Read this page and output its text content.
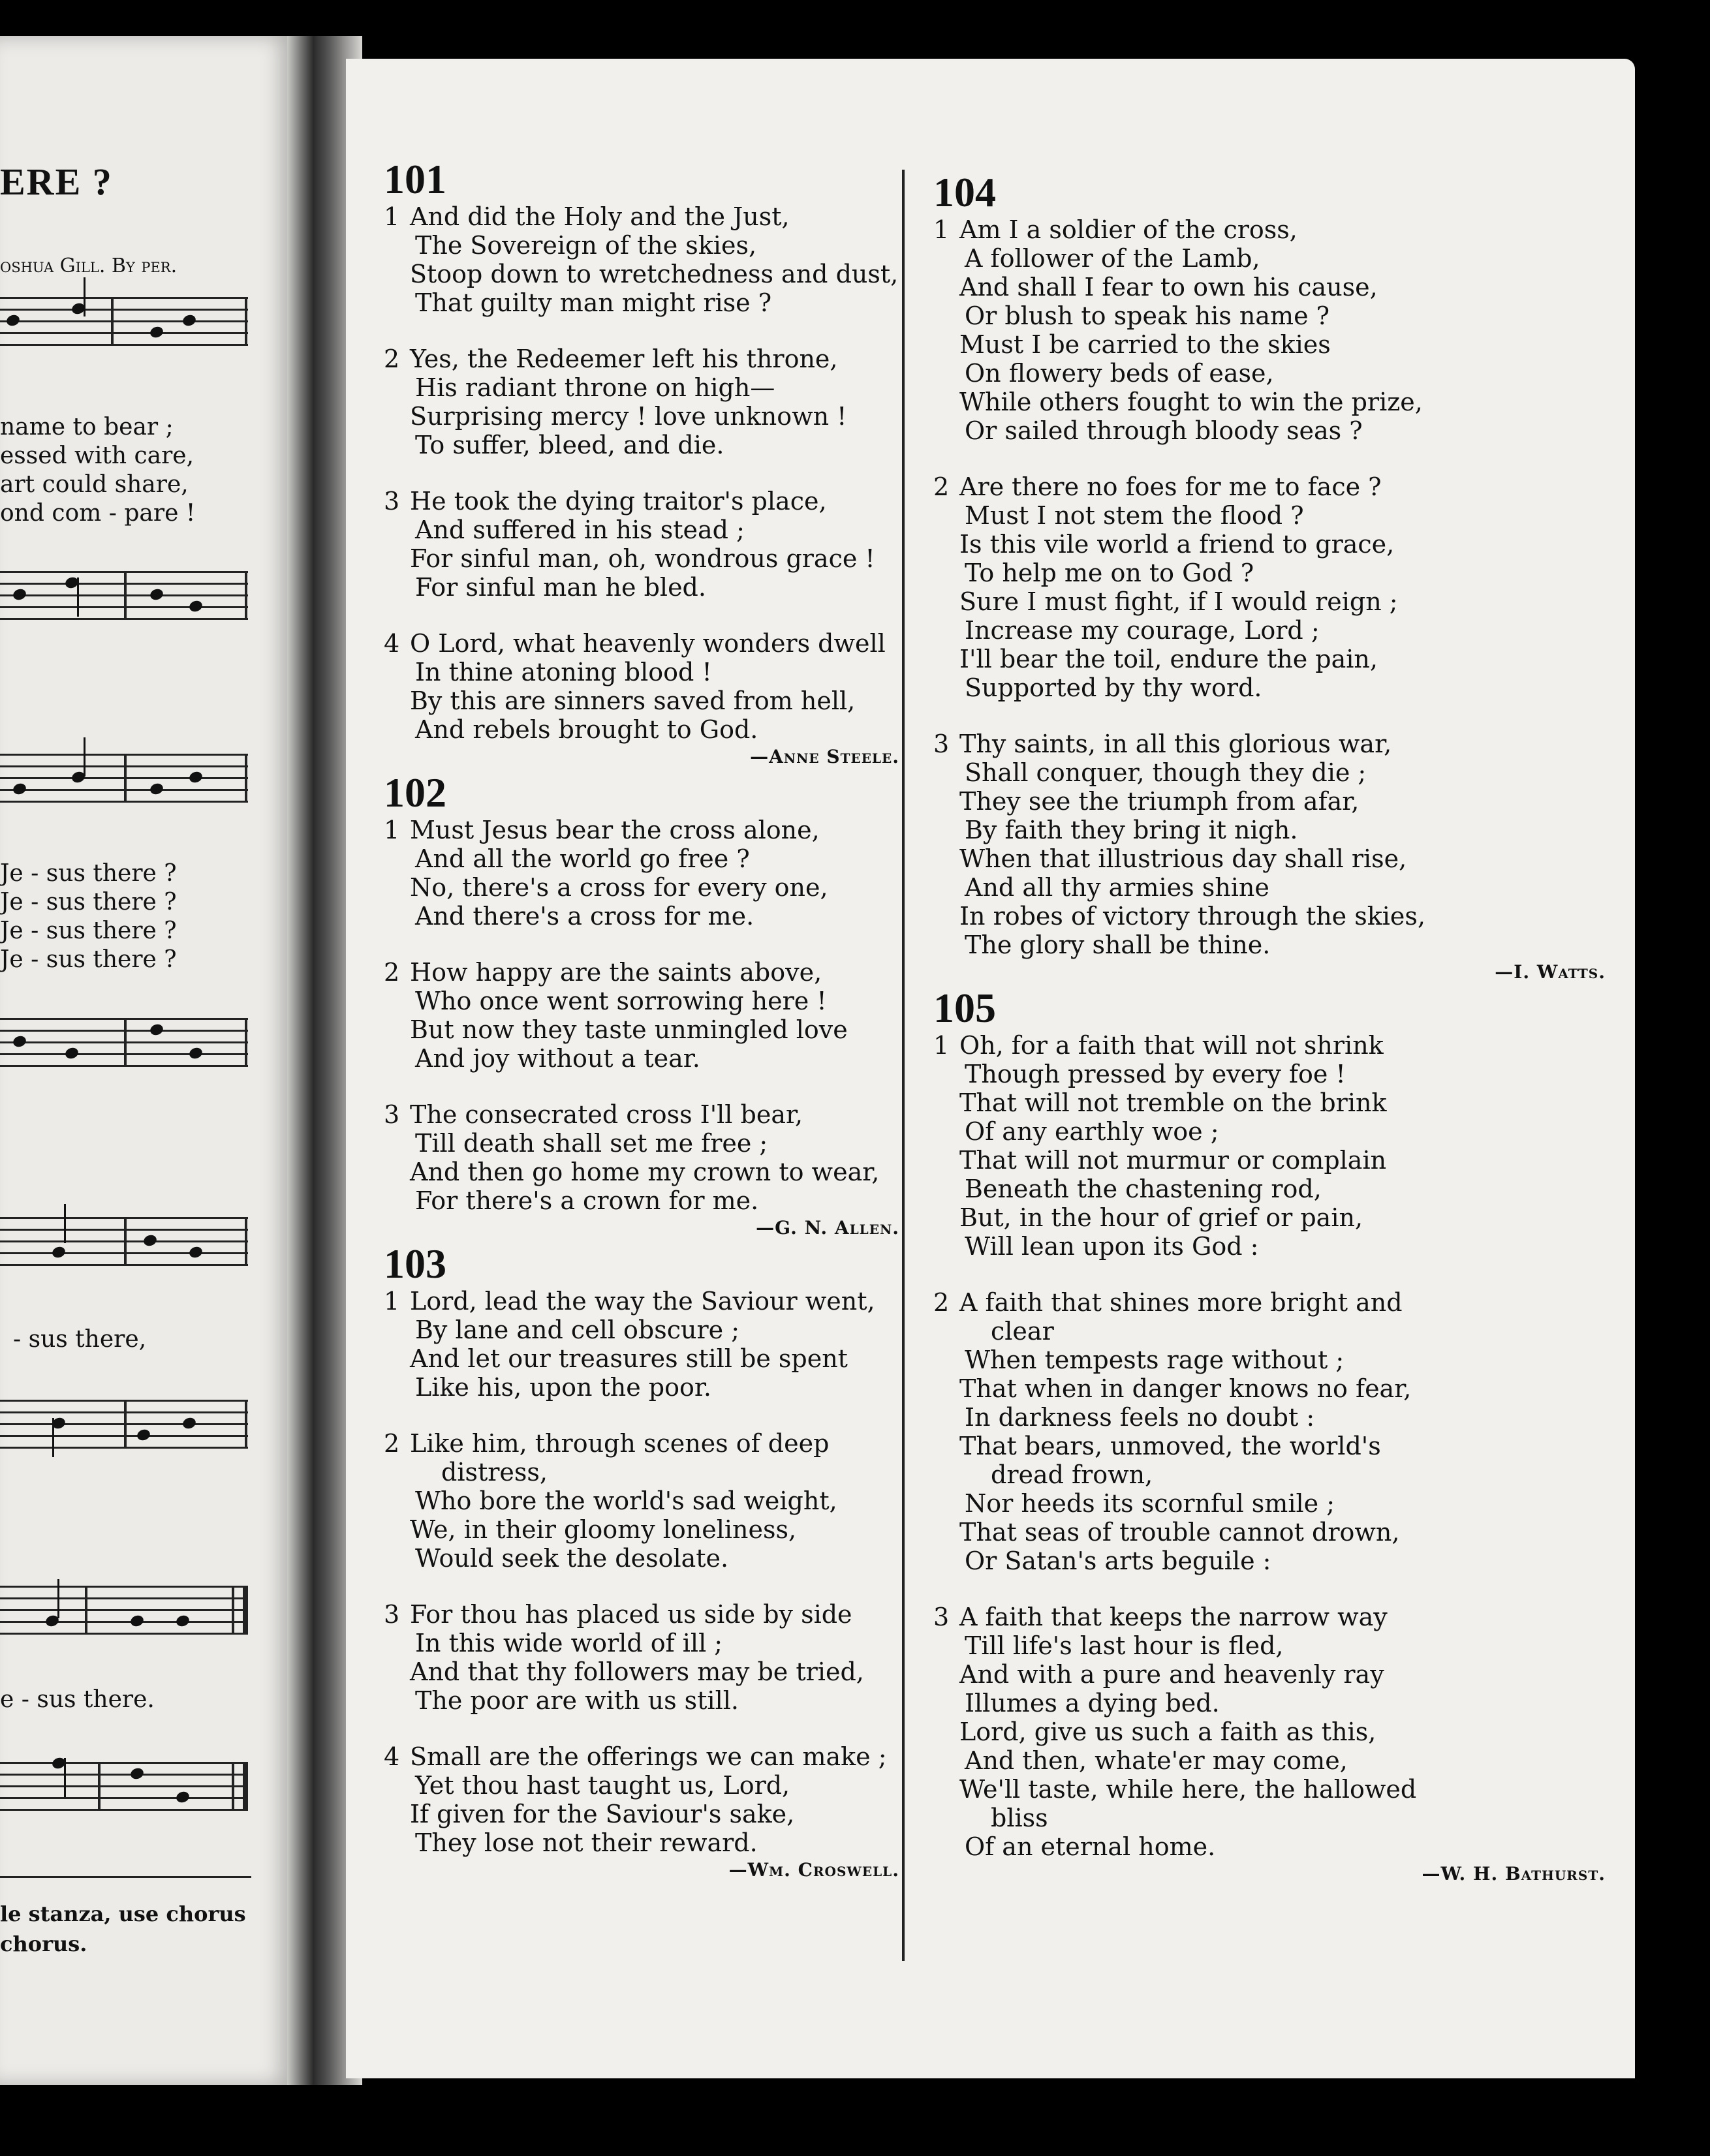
ERE ?
oshua Gill. By per.
name to bear ;
essed with care,
art could share,
ond com - pare !
Je - sus there ?
Je - sus there ?
Je - sus there ?
Je - sus there ?
- sus there,
e - sus there.
le stanza, use chorus
chorus.
101
1 And did the Holy and the Just,
The Sovereign of the skies,
Stoop down to wretchedness and dust,
That guilty man might rise ?
2 Yes, the Redeemer left his throne,
His radiant throne on high—
Surprising mercy ! love unknown !
To suffer, bleed, and die.
3 He took the dying traitor's place,
And suffered in his stead ;
For sinful man, oh, wondrous grace !
For sinful man he bled.
4 O Lord, what heavenly wonders dwell
In thine atoning blood !
By this are sinners saved from hell,
And rebels brought to God.
—Anne Steele.
102
1 Must Jesus bear the cross alone,
And all the world go free ?
No, there's a cross for every one,
And there's a cross for me.
2 How happy are the saints above,
Who once went sorrowing here !
But now they taste unmingled love
And joy without a tear.
3 The consecrated cross I'll bear,
Till death shall set me free ;
And then go home my crown to wear,
For there's a crown for me.
—G. N. Allen.
103
1 Lord, lead the way the Saviour went,
By lane and cell obscure ;
And let our treasures still be spent
Like his, upon the poor.
2 Like him, through scenes of deep
distress,
Who bore the world's sad weight,
We, in their gloomy loneliness,
Would seek the desolate.
3 For thou has placed us side by side
In this wide world of ill ;
And that thy followers may be tried,
The poor are with us still.
4 Small are the offerings we can make ;
Yet thou hast taught us, Lord,
If given for the Saviour's sake,
They lose not their reward.
—Wm. Croswell.
104
1 Am I a soldier of the cross,
A follower of the Lamb,
And shall I fear to own his cause,
Or blush to speak his name ?
Must I be carried to the skies
On flowery beds of ease,
While others fought to win the prize,
Or sailed through bloody seas ?
2 Are there no foes for me to face ?
Must I not stem the flood ?
Is this vile world a friend to grace,
To help me on to God ?
Sure I must fight, if I would reign ;
Increase my courage, Lord ;
I'll bear the toil, endure the pain,
Supported by thy word.
3 Thy saints, in all this glorious war,
Shall conquer, though they die ;
They see the triumph from afar,
By faith they bring it nigh.
When that illustrious day shall rise,
And all thy armies shine
In robes of victory through the skies,
The glory shall be thine.
—I. Watts.
105
1 Oh, for a faith that will not shrink
Though pressed by every foe !
That will not tremble on the brink
Of any earthly woe ;
That will not murmur or complain
Beneath the chastening rod,
But, in the hour of grief or pain,
Will lean upon its God :
2 A faith that shines more bright and
clear
When tempests rage without ;
That when in danger knows no fear,
In darkness feels no doubt :
That bears, unmoved, the world's
dread frown,
Nor heeds its scornful smile ;
That seas of trouble cannot drown,
Or Satan's arts beguile :
3 A faith that keeps the narrow way
Till life's last hour is fled,
And with a pure and heavenly ray
Illumes a dying bed.
Lord, give us such a faith as this,
And then, whate'er may come,
We'll taste, while here, the hallowed
bliss
Of an eternal home.
—W. H. Bathurst.
